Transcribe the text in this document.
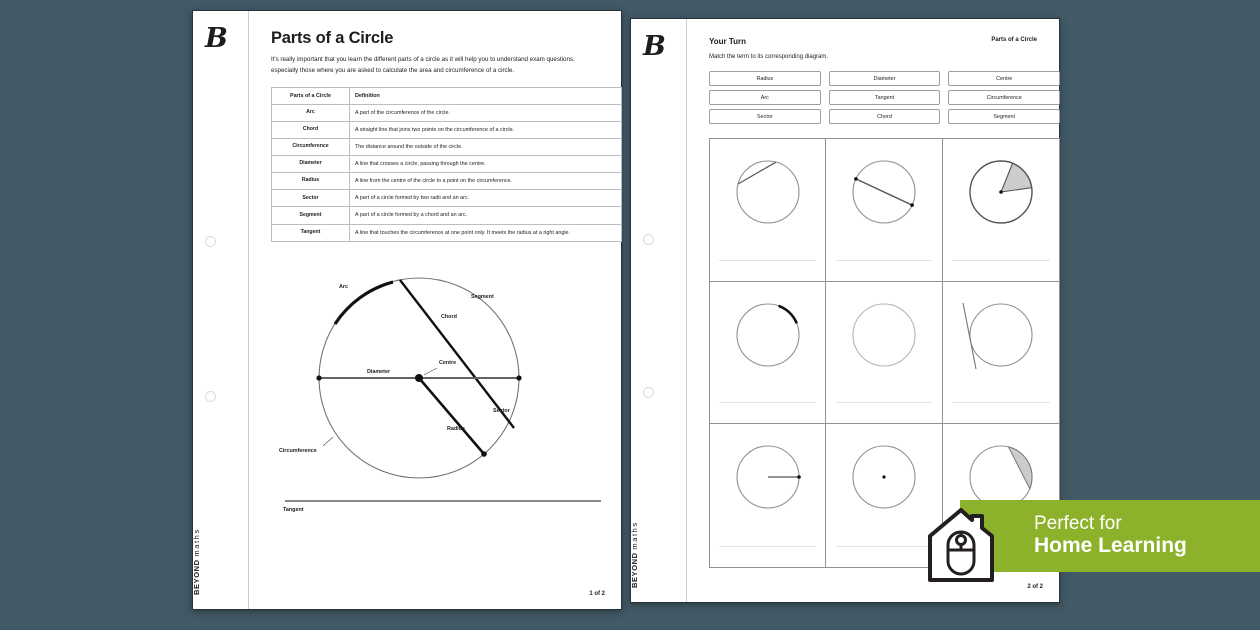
B
BEYOND maths
Parts of a Circle

It's really important that you learn the different parts of a circle as it will help you to understand exam questions, especially those where you are asked to calculate the area and circumference of a circle.

Parts of a Circle	Definition
Arc	A part of the circumference of the circle.
Chord	A straight line that joins two points on the circumference of a circle.
Circumference	The distance around the outside of the circle.
Diameter	A line that crosses a circle, passing through the centre.
Radius	A line from the centre of the circle to a point on the circumference.
Sector	A part of a circle formed by two radii and an arc.
Segment	A part of a circle formed by a chord and an arc.
Tangent	A line that touches the circumference at one point only. It meets the radius at a right angle.
Arc
Segment
Chord
Diameter
Centre
Sector
Radius
Circumference
Tangent
1 of 2
B
BEYOND maths
Your Turn	Parts of a Circle
Match the term to its corresponding diagram.
Radius	Diameter	Centre
Arc	Tangent	Circumference
Sector	Chord	Segment
2 of 2
Perfect for
Home Learning
